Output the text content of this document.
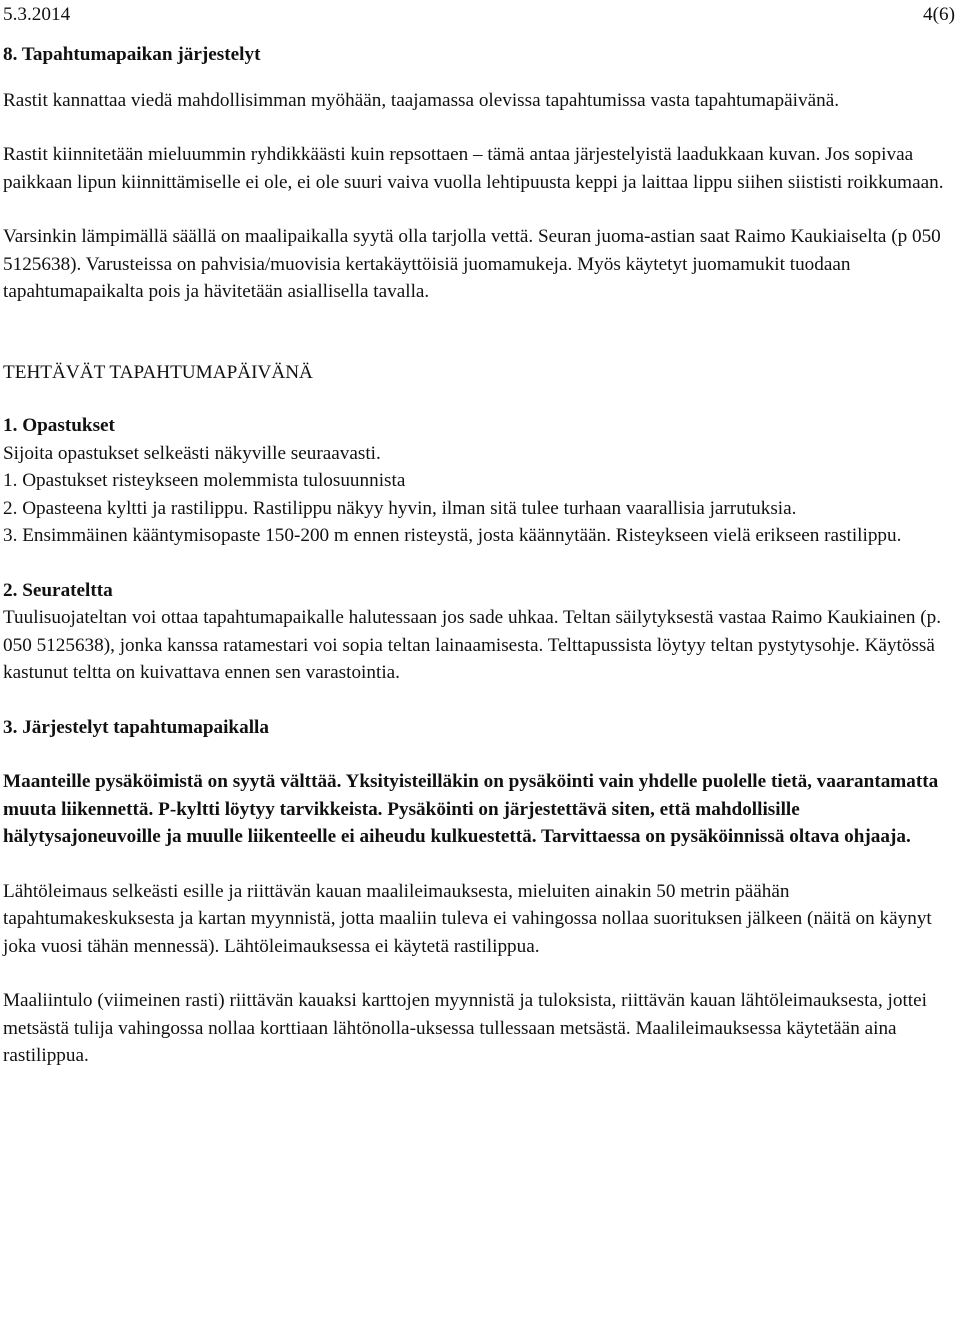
5.3.2014	4(6)

8. Tapahtumapaikan järjestelyt

Rastit kannattaa viedä mahdollisimman myöhään, taajamassa olevissa tapahtumissa vasta tapahtumapäivänä.

Rastit kiinnitetään mieluummin ryhdikkäästi kuin repsottaen – tämä antaa järjestelyistä laadukkaan kuvan. Jos sopivaa paikkaan lipun kiinnittämiselle ei ole, ei ole suuri vaiva vuolla lehtipuusta keppi ja laittaa lippu siihen siististi roikkumaan.

Varsinkin lämpimällä säällä on maalipaikalla syytä olla tarjolla vettä. Seuran juoma-astian saat Raimo Kaukiaiselta (p 050 5125638). Varusteissa on pahvisia/muovisia kertakäyttöisiä juomamukeja. Myös käytetyt juomamukit tuodaan tapahtumapaikalta pois ja hävitetään asiallisella tavalla.

TEHTÄVÄT TAPAHTUMAPÄIVÄNÄ

1. Opastukset

Sijoita opastukset selkeästi näkyville seuraavasti.

1. Opastukset risteykseen molemmista tulosuunnista

2. Opasteena kyltti ja rastilippu. Rastilippu näkyy hyvin, ilman sitä tulee turhaan vaarallisia jarrutuksia.

3. Ensimmäinen kääntymisopaste 150-200 m ennen risteystä, josta käännytään. Risteykseen vielä erikseen rastilippu.

2. Seurateltta

Tuulisuojateltan voi ottaa tapahtumapaikalle halutessaan jos sade uhkaa. Teltan säilytyksestä vastaa Raimo Kaukiainen (p. 050 5125638), jonka kanssa ratamestari voi sopia teltan lainaamisesta. Telttapussista löytyy teltan pystytysohje. Käytössä kastunut teltta on kuivattava ennen sen varastointia.

3. Järjestelyt tapahtumapaikalla

Maanteille pysäköimistä on syytä välttää. Yksityisteilläkin on pysäköinti vain yhdelle puolelle tietä, vaarantamatta muuta liikennettä. P-kyltti löytyy tarvikkeista. Pysäköinti on järjestettävä siten, että mahdollisille hälytysajoneuvoille ja muulle liikenteelle ei aiheudu kulkuestettä. Tarvittaessa on pysäköinnissä oltava ohjaaja.

Lähtöleimaus selkeästi esille ja riittävän kauan maalileimauksesta, mieluiten ainakin 50 metrin päähän tapahtumakeskuksesta ja kartan myynnistä, jotta maaliin tuleva ei vahingossa nollaa suorituksen jälkeen (näitä on käynyt joka vuosi tähän mennessä). Lähtöleimauksessa ei käytetä rastilippua.

Maaliintulo (viimeinen rasti) riittävän kauaksi karttojen myynnistä ja tuloksista, riittävän kauan lähtöleimauksesta, jottei metsästä tulija vahingossa nollaa korttiaan lähtönolla-uksessa tullessaan metsästä. Maalileimauksessa käytetään aina rastilippua.
